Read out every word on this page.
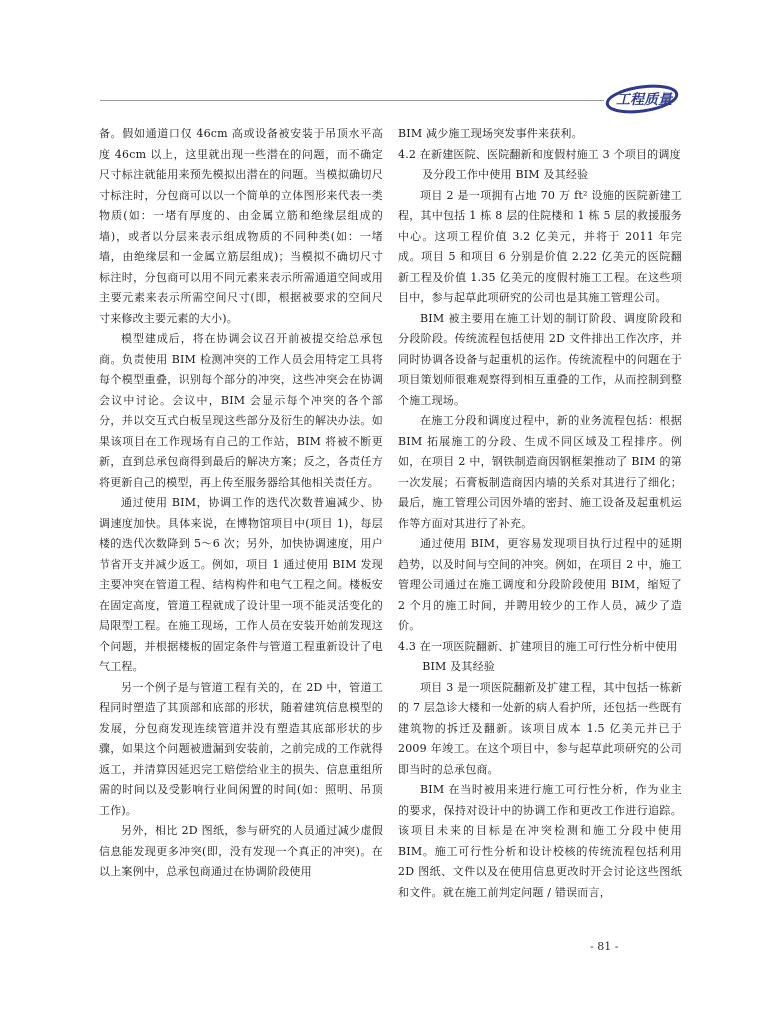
工程质量

备。假如通道口仅 46cm 高或设备被安装于吊顶水平高度 46cm 以上，这里就出现一些潜在的问题，而不确定尺寸标注就能用来预先模拟出潜在的问题。当模拟确切尺寸标注时，分包商可以以一个简单的立体图形来代表一类物质(如：一堵有厚度的、由金属立筋和绝缘层组成的墙)，或者以分层来表示组成物质的不同种类(如：一堵墙，由绝缘层和一金属立筋层组成)；当模拟不确切尺寸标注时，分包商可以用不同元素来表示所需通道空间或用主要元素来表示所需空间尺寸(即，根据被要求的空间尺寸来修改主要元素的大小)。

模型建成后，将在协调会议召开前被提交给总承包商。负责使用 BIM 检测冲突的工作人员会用特定工具将每个模型重叠，识别每个部分的冲突，这些冲突会在协调会议中讨论。会议中，BIM 会显示每个冲突的各个部分，并以交互式白板呈现这些部分及衍生的解决办法。如果该项目在工作现场有自己的工作站，BIM 将被不断更新，直到总承包商得到最后的解决方案；反之，各责任方将更新自己的模型，再上传至服务器给其他相关责任方。

通过使用 BIM，协调工作的迭代次数普遍减少、协调速度加快。具体来说，在博物馆项目中(项目 1)，每层楼的迭代次数降到 5～6 次；另外，加快协调速度，用户节省开支并减少返工。例如，项目 1 通过使用 BIM 发现主要冲突在管道工程、结构构件和电气工程之间。楼板安在固定高度，管道工程就成了设计里一项不能灵活变化的局限型工程。在施工现场，工作人员在安装开始前发现这个问题，并根据楼板的固定条件与管道工程重新设计了电气工程。

另一个例子是与管道工程有关的，在 2D 中，管道工程同时塑造了其顶部和底部的形状，随着建筑信息模型的发展，分包商发现连续管道并没有塑造其底部形状的步骤，如果这个问题被遗漏到安装前，之前完成的工作就得返工，并清算因延迟完工赔偿给业主的损失、信息重组所需的时间以及受影响行业间闲置的时间(如：照明、吊顶工作)。

另外，相比 2D 图纸，参与研究的人员通过减少虚假信息能发现更多冲突(即，没有发现一个真正的冲突)。在以上案例中，总承包商通过在协调阶段使用

BIM 减少施工现场突发事件来获利。

4.2 在新建医院、医院翻新和度假村施工 3 个项目的调度及分段工作中使用 BIM 及其经验

项目 2 是一项拥有占地 70 万 ft² 设施的医院新建工程，其中包括 1 栋 8 层的住院楼和 1 栋 5 层的救援服务中心。这项工程价值 3.2 亿美元，并将于 2011 年完成。项目 5 和项目 6 分别是价值 2.22 亿美元的医院翻新工程及价值 1.35 亿美元的度假村施工工程。在这些项目中，参与起草此项研究的公司也是其施工管理公司。

BIM 被主要用在施工计划的制订阶段、调度阶段和分段阶段。传统流程包括使用 2D 文件排出工作次序，并同时协调各设备与起重机的运作。传统流程中的问题在于项目策划师很难观察得到相互重叠的工作，从而控制到整个施工现场。

在施工分段和调度过程中，新的业务流程包括：根据 BIM 拓展施工的分段、生成不同区域及工程排序。例如，在项目 2 中，钢铁制造商因钢框架推动了 BIM 的第一次发展；石膏板制造商因内墙的关系对其进行了细化；最后，施工管理公司因外墙的密封、施工设备及起重机运作等方面对其进行了补充。

通过使用 BIM，更容易发现项目执行过程中的延期趋势，以及时间与空间的冲突。例如，在项目 2 中，施工管理公司通过在施工调度和分段阶段使用 BIM，缩短了 2 个月的施工时间，并聘用较少的工作人员，减少了造价。

4.3 在一项医院翻新、扩建项目的施工可行性分析中使用 BIM 及其经验

项目 3 是一项医院翻新及扩建工程，其中包括一栋新的 7 层急诊大楼和一处新的病人看护所，还包括一些既有建筑物的拆迁及翻新。该项目成本 1.5 亿美元并已于 2009 年竣工。在这个项目中，参与起草此项研究的公司即当时的总承包商。

BIM 在当时被用来进行施工可行性分析，作为业主的要求，保持对设计中的协调工作和更改工作进行追踪。该项目未来的目标是在冲突检测和施工分段中使用 BIM。施工可行性分析和设计校核的传统流程包括利用 2D 图纸、文件以及在使用信息更改时开会讨论这些图纸和文件。就在施工前判定问题 / 错误而言，

- 81 -
